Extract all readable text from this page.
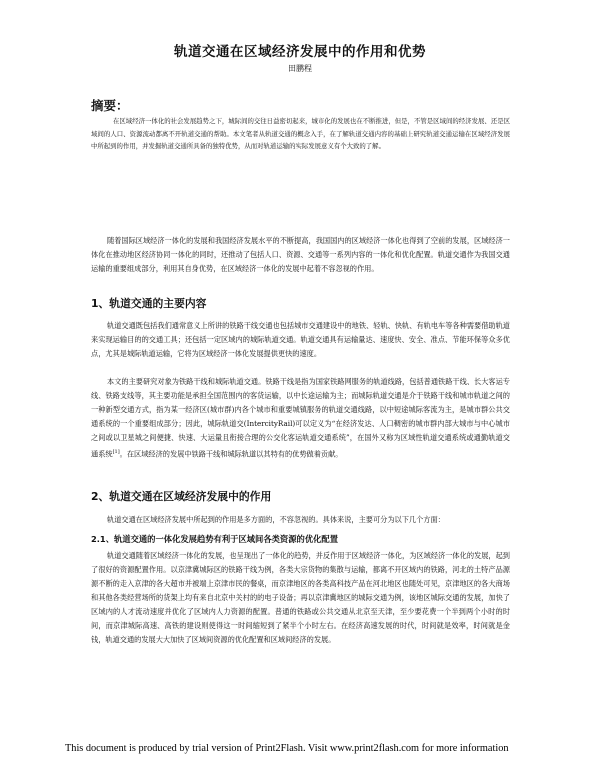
轨道交通在区域经济发展中的作用和优势
田鹏程
摘要：
在区域经济一体化的社会发展趋势之下，城际间的交往日益密切起来，城市化的发展也在不断推进，但是，不管是区域间的经济发展、还是区域间的人口、资源流动都离不开轨道交通的帮助。本文笔者从轨道交通的概念入手，在了解轨道交通内容的基础上研究轨道交通运输在区域经济发展中所起到的作用，并发掘轨道交通所具备的独特优势，从而对轨道运输的实际发展意义有个大致的了解。
随着国际区域经济一体化的发展和我国经济发展水平的不断提高，我国国内的区域经济一体化也得到了空前的发展，区域经济一体化在推动地区经济协同一体化的同时，还推动了包括人口、资源、交通等一系列内容的一体化和优化配置。轨道交通作为我国交通运输的重要组成部分，利用其自身优势，在区域经济一体化的发展中起着不容忽视的作用。
1、轨道交通的主要内容
轨道交通既包括我们通常意义上所讲的铁路干线交通也包括城市交通建设中的地铁、轻轨、快轨、有轨电车等各种需要借助轨道来实现运输目的的交通工具；还包括一定区域内的城际轨道交通。轨道交通具有运输量达、速度快、安全、准点、节能环保等众多优点，尤其是城际轨道运输，它将为区域经济一体化发展提供更快的速度。
本文的主要研究对象为铁路干线和城际轨道交通。铁路干线是指为国家铁路网服务的轨道线路，包括普通铁路干线、长大客运专线、铁路支线等，其主要功能是承担全国范围内的客货运输，以中长途运输为主；而城际轨道交通是介于铁路干线和城市轨道之间的一种新型交通方式，指为某一经济区(城市群)内各个城市和重要城镇服务的轨道交通线路，以中短途城际客流为主，是城市群公共交通系统的一个重要组成部分；因此，城际轨道交(IntercityRail)可以定义为“在经济发达、人口稠密的城市群内部大城市与中心城市之间或以卫星城之间便捷、快速、大运量且衔接合理的公交化客运轨道交通系统”，在国外又称为区域性轨道交通系统或通勤轨道交通系统[1]。在区域经济的发展中铁路干线和城际轨道以其特有的优势做着贡献。
2、轨道交通在区域经济发展中的作用
轨道交通在区域经济发展中所起到的作用是多方面的，不容忽视的。具体来说，主要可分为以下几个方面：
2.1、轨道交通的一体化发展趋势有利于区域间各类资源的优化配置
轨道交通随着区域经济一体化的发展，也呈现出了一体化的趋势，并反作用于区域经济一体化，为区域经济一体化的发展，起到了很好的资源配置作用。以京津冀城际区的铁路干线为例，各类大宗货物的集散与运输，都离不开区域内的铁路，河北的土特产品源源不断的走入京津的各大超市并被端上京津市民的餐桌，而京津地区的各类高科技产品在河北地区也随处可见，京津地区的各大商场和其他各类经营场所的货架上均有来自北京中关村的的电子设备；再以京津冀地区的城际交通为例，该地区城际交通的发展，加快了区域内的人才流动速度并优化了区域内人力资源的配置。普通的铁路或公共交通从北京至天津，至少要花费一个半到两个小时的时间，而京津城际高速、高铁的建设则使得这一时间缩短到了紧半个小时左右。在经济高速发展的时代，时间就是效率，时间就是金钱，轨道交通的发展大大加快了区域间资源的优化配置和区域间经济的发展。
This document is produced by trial version of Print2Flash. Visit www.print2flash.com for more information
